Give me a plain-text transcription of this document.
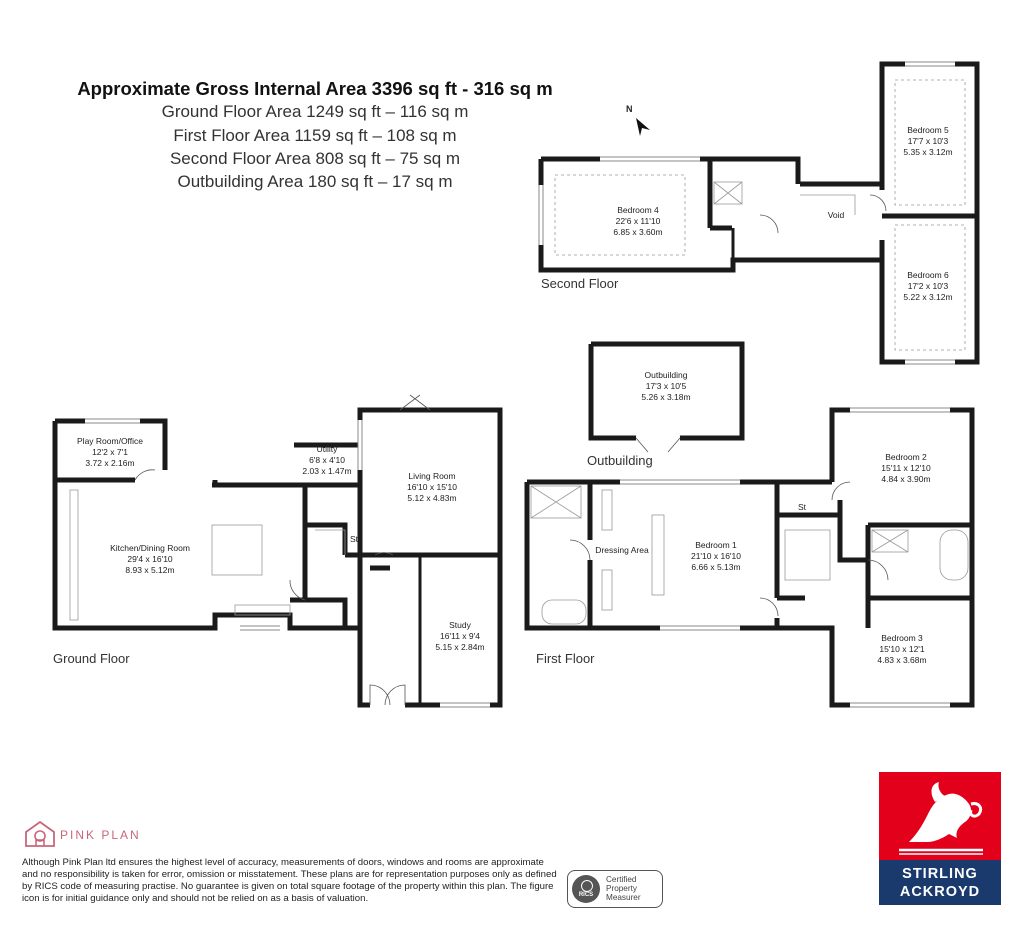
Approximate Gross Internal Area 3396 sq ft - 316 sq m
Ground Floor Area 1249 sq ft – 116 sq m
First Floor Area 1159 sq ft – 108 sq m
Second Floor Area 808 sq ft – 75 sq m
Outbuilding Area 180 sq ft – 17 sq m
N
Second Floor
Ground Floor	First Floor
Outbuilding
Bedroom 4
22'6 x 11'10
6.85 x 3.60m
Bedroom 5
17'7 x 10'3
5.35 x 3.12m
Bedroom 6
17'2 x 10'3
5.22 x 3.12m
Void
Outbuilding
17'3 x 10'5
5.26 x 3.18m
Play Room/Office
12'2 x 7'1
3.72 x 2.16m
Utility
6'8 x 4'10
2.03 x 1.47m	Living Room
16'10 x 15'10
5.12 x 4.83m
Kitchen/Dining Room
29'4 x 16'10
8.93 x 5.12m
Study
16'11 x 9'4
5.15 x 2.84m
St
Bedroom 1
21'10 x 16'10
6.66 x 5.13m
Dressing Area
St
Bedroom 2
15'11 x 12'10
4.84 x 3.90m
Bedroom 3
15'10 x 12'1
4.83 x 3.68m
PINK PLAN
Although Pink Plan ltd ensures the highest level of accuracy, measurements of doors, windows and rooms are approximate and no responsibility is taken for error, omission or misstatement. These plans are for representation purposes only as defined by RICS code of measuring practise. No guarantee is given on total square footage of the property within this plan. The figure icon is for initial guidance only and should not be relied on as a basis of valuation.	RICS
Certified
Property
Measurer
STIRLING
ACKROYD
